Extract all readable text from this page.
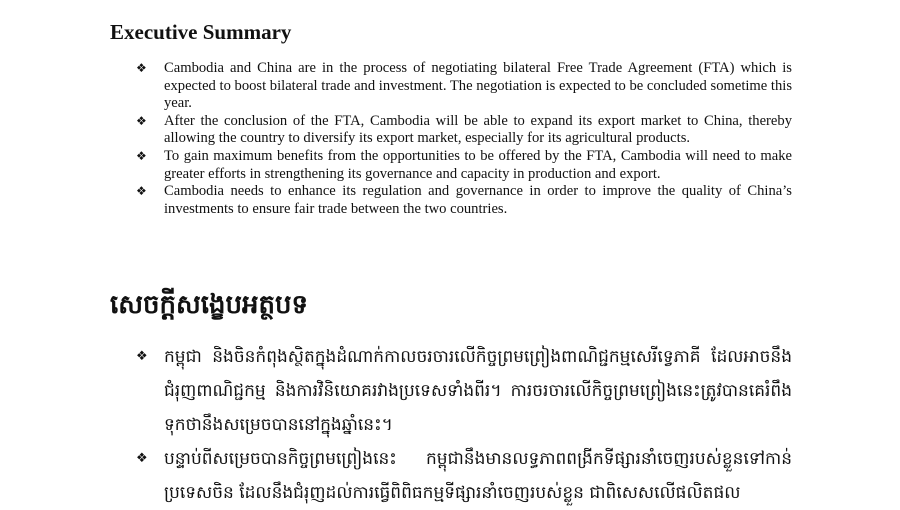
Executive Summary
❖ Cambodia and China are in the process of negotiating bilateral Free Trade Agreement (FTA) which is expected to boost bilateral trade and investment. The negotiation is expected to be concluded sometime this year.
❖ After the conclusion of the FTA, Cambodia will be able to expand its export market to China, thereby allowing the country to diversify its export market, especially for its agricultural products.
❖ To gain maximum benefits from the opportunities to be offered by the FTA, Cambodia will need to make greater efforts in strengthening its governance and capacity in production and export.
❖ Cambodia needs to enhance its regulation and governance in order to improve the quality of China’s investments to ensure fair trade between the two countries.
សេចក្តីសង្ខេបអត្ថបទ
❖ កម្ពុជា និងចិនកំពុងស្ថិតក្នុងដំណាក់កាលចរចារលើកិច្ចព្រមព្រៀងពាណិជ្ជកម្មសេរីទ្វេភាគី ដែលអាចនឹងជំរុញពាណិជ្ជកម្ម និងការវិនិយោគរវាងប្រទេសទាំងពីរ។ ការចរចារលើកិច្ចព្រមព្រៀងនេះត្រូវបានគេរំពឹងទុកថានឹងសម្រេចបាននៅក្នុងឆ្នាំនេះ។
❖ បន្ទាប់ពីសម្រេចបានកិច្ចព្រមព្រៀងនេះ កម្ពុជានឹងមានលទ្ធភាពពង្រីកទីផ្សារនាំចេញរបស់ខ្លួនទៅកាន់ប្រទេសចិន ដែលនឹងជំរុញដល់ការធ្វើពិពិធកម្មទីផ្សារនាំចេញរបស់ខ្លួន ជាពិសេសលើផលិតផល
